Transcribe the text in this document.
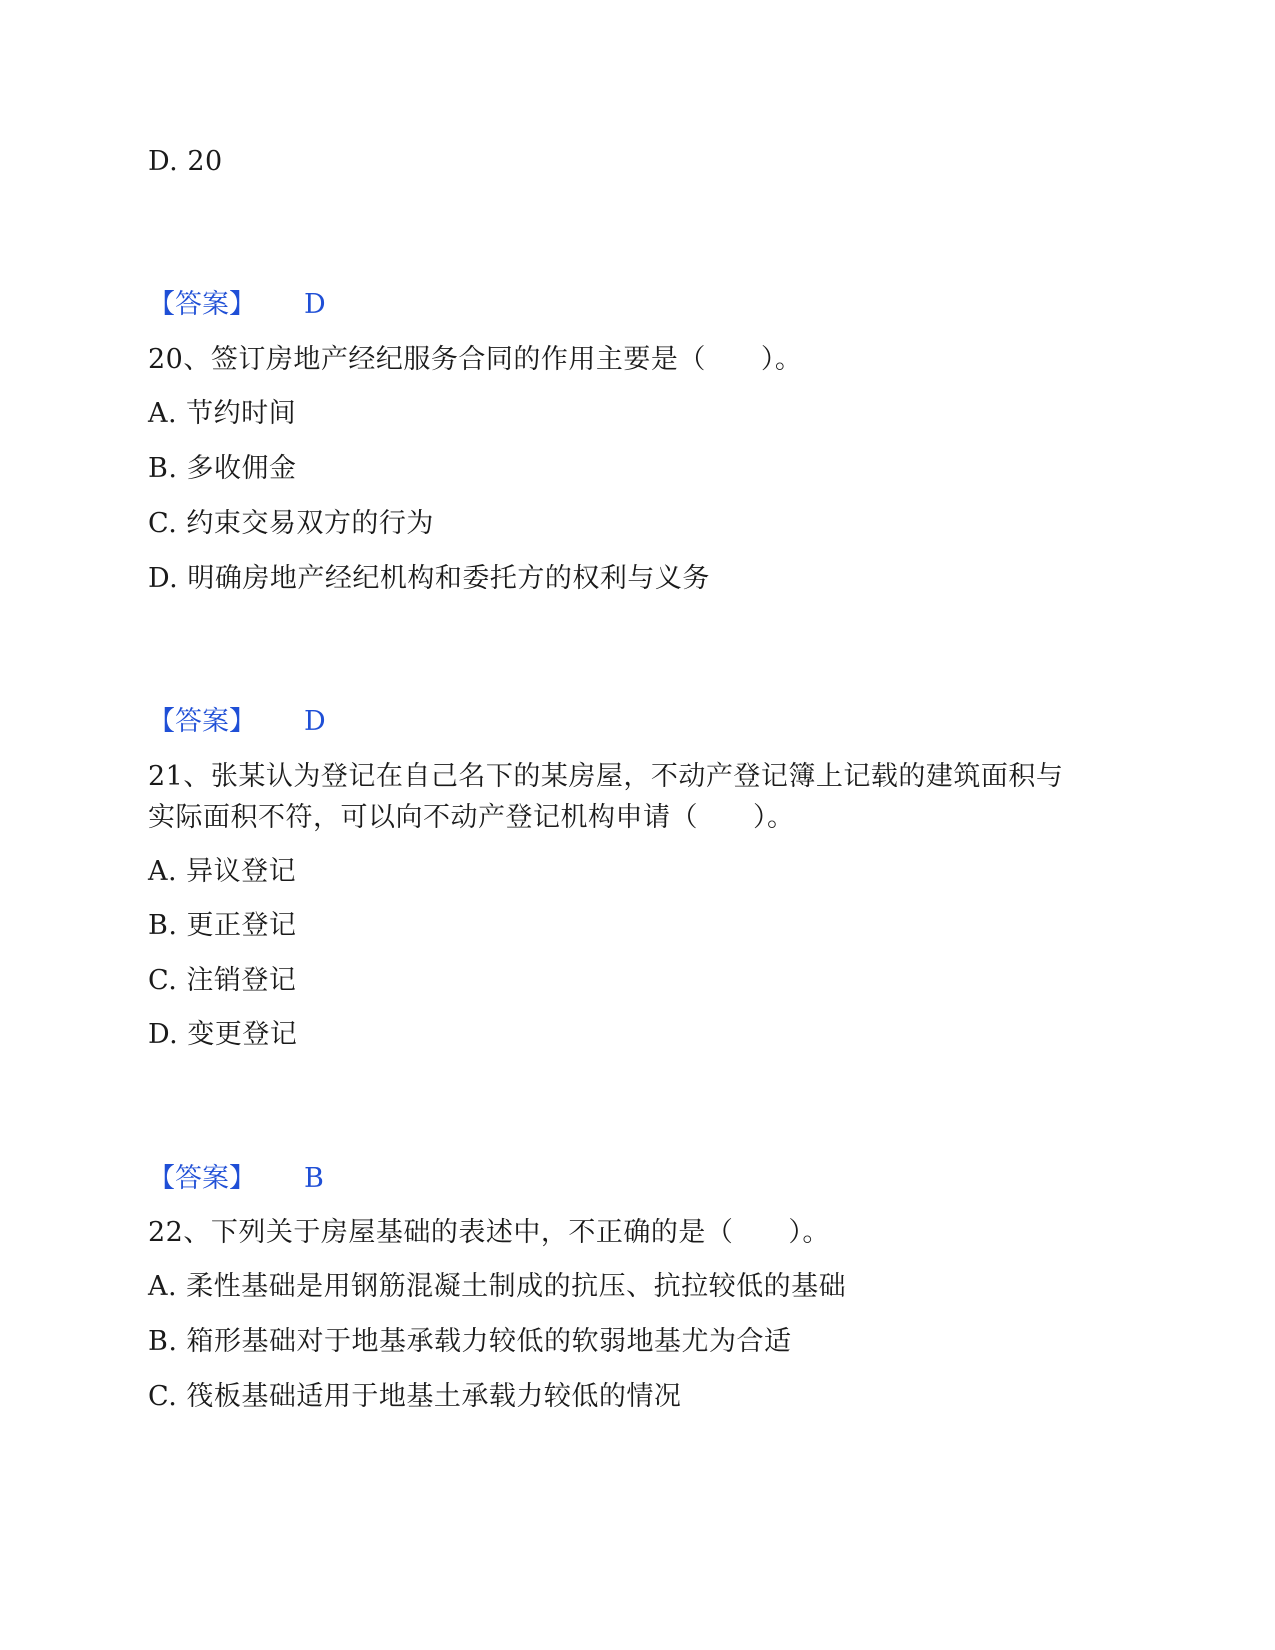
D. 20
【答案】 D
20、签订房地产经纪服务合同的作用主要是（　　）。
A. 节约时间
B. 多收佣金
C. 约束交易双方的行为
D. 明确房地产经纪机构和委托方的权利与义务
【答案】 D
21、张某认为登记在自己名下的某房屋，不动产登记簿上记载的建筑面积与
实际面积不符，可以向不动产登记机构申请（　　）。
A. 异议登记
B. 更正登记
C. 注销登记
D. 变更登记
【答案】 B
22、下列关于房屋基础的表述中，不正确的是（　　）。
A. 柔性基础是用钢筋混凝土制成的抗压、抗拉较低的基础
B. 箱形基础对于地基承载力较低的软弱地基尤为合适
C. 筏板基础适用于地基土承载力较低的情况
